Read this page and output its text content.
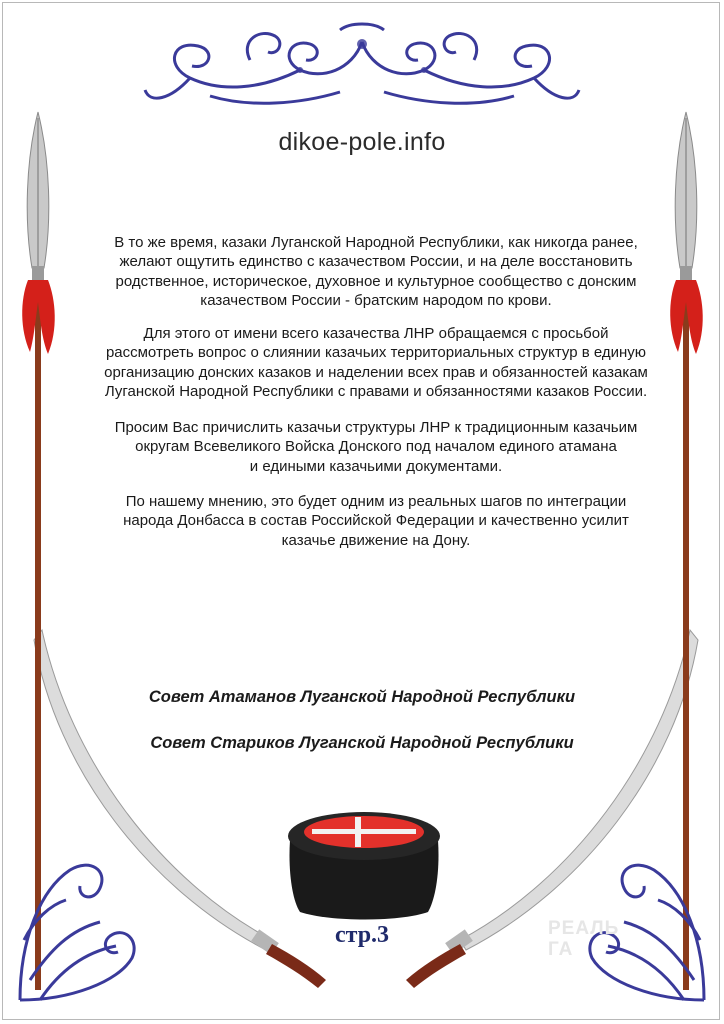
dikoe-pole.info

В то же время, казаки Луганской Народной Республики, как никогда ранее,
желают ощутить единство с казачеством России, и на деле восстановить
родственное, историческое, духовное и культурное сообщество с донским
казачеством России - братским народом по крови.

Для этого от имени всего казачества ЛНР обращаемся с просьбой
рассмотреть вопрос о слиянии казачьих территориальных структур в единую
организацию донских казаков и наделении всех прав и обязанностей казакам
Луганской Народной Республики с правами и обязанностями казаков России.

Просим Вас причислить казачьи структуры ЛНР к традиционным казачьим
округам Всевеликого Войска Донского под началом единого атамана
и едиными казачьими документами.

По нашему мнению, это будет одним из реальных шагов по интеграции
народа Донбасса в состав Российской Федерации и качественно усилит
казачье движение на Дону.

Совет Атаманов Луганской Народной Республики

Совет Стариков Луганской Народной Республики

стр.3	РЕАЛЬ
ГА
